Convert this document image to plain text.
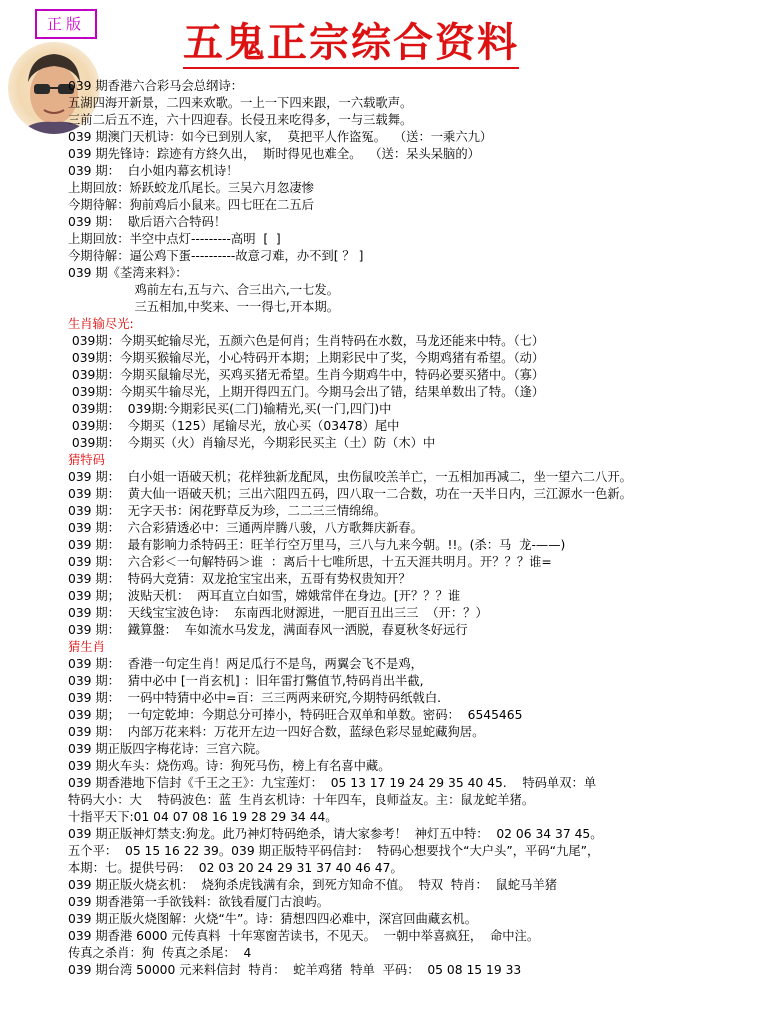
正版	五鬼正宗综合资料
039 期香港六合彩马会总纲诗：
五湖四海开新景，二四来欢歌。一上一下四来跟，一六载歌声。
三前二后五不连，六十四迎春。长侵丑来吃得多，一与三载舞。
039 期澳门天机诗：如今已到别人家，  莫把平人作盗冤。  （送：一乘六九）
039 期先锋诗：踪迹有方終久出，  斯时得见也难全。  （送：呆头呆脑的）
039 期：  白小姐内幕玄机诗！
上期回放：矫跃蛟龙爪尾长。三吴六月忽凄惨
今期待解：狗前鸡后小鼠来。四七旺在二五后
039 期：  歇后语六合特码！
上期回放：半空中点灯---------高明  [  ]
今期待解：逼公鸡下蛋----------故意刁难，办不到[ ？ ]
039 期《荃湾来料》：
鸡前左右,五与六、合三出六,一七发。
三五相加,中奖来、一一得七,开本期。
生肖输尽光:
039期：今期买蛇输尽光，五颜六色是何肖；生肖特码在水数，马龙还能来中特。（七）
039期：今期买猴输尽光，小心特码开本期；上期彩民中了奖，今期鸡猪有希望。（动）
039期：今期买鼠输尽光，买鸡买猪无希望。生肖今期鸡牛中，特码必要买猪中。（寡）
039期：今期买牛输尽光，上期开得四五门。今期马会出了错，结果单数出了特。（逢）
039期：  039期:今期彩民买(二门)输精光,买(一门,四门)中
039期：  今期买（125）尾输尽光，放心买（03478）尾中
039期：  今期买（火）肖输尽光，今期彩民买主（土）防（木）中
猜特码
039 期：  白小姐一语破天机；花样独新龙配凤，虫伤鼠咬羔羊亡，一五相加再减二，坐一望六二八开。
039 期：  黄大仙一语破天机；三出六阻四五码，四八取一二合数，功在一天半日内，三江源水一色新。
039 期：  无字天书：闲花野草反为珍，二二三三情绵绵。
039 期：  六合彩猜透必中：三通两岸腾八骏，八方歌舞庆新春。
039 期：  最有影响力杀特码王：旺羊行空万里马，三八与九来今朝。!!。(杀：马  龙-——)
039 期：  六合彩＜一句解特码＞谁  ：离后十七唯所思，十五天涯共明月。开？？？谁=
039 期：  特码大竞猜：双龙抢宝宝出来，五哥有势权贵知开？
039 期；  波贴天机：  两耳直立白如雪，嫦娥常伴在身边。[开？？？谁
039 期：  天线宝宝波色诗：  东南西北财源进，一肥百丑出三三  （开：？）
039 期：  鐵算盤：  车如流水马发龙，满面春风一洒脱，春夏秋冬好远行
猜生肖
039 期：  香港一句定生肖！两足瓜行不是鸟，两翼会飞不是鸡，
039 期：  猜中必中 [一肖玄机] ：旧年雷打鷩值节,特码肖出半截,
039 期：  一码中特猜中必中=百：三三两两来研究,今期特码纸戟白.
039 期；  一句定乾坤：今期总分可捧小，特码旺合双单和单数。密码：  6545465
039 期：  内部万花来料：万花开左边一四好合数，蓝绿色彩尽显蛇藏狗居。
039 期正版四字梅花诗：三宫六院。
039 期火车头：烧伤鸡。诗：狗死马伤，榜上有名喜中藏。
039 期香港地下信封《千王之王》：九宝莲灯：  05 13 17 19 24 29 35 40 45.    特码单双：单
特码大小：大    特码波色：蓝  生肖玄机诗：十年四车，良师益友。主：鼠龙蛇羊猪。
十指平天下:01 04 07 08 16 19 28 29 34 44。
039 期正版神灯禁支:狗龙。此乃神灯特码绝杀，请大家参考！  神灯五中特：  02 06 34 37 45。
五个平：  05 15 16 22 39。039 期正版特平码信封：  特码心想要找个“大户头”，平码“九尾”，
本期：七。提供号码：  02 03 20 24 29 31 37 40 46 47。
039 期正版火烧玄机：  烧狗杀虎钱满有余，到死方知命不值。  特双  特肖：  鼠蛇马羊猪
039 期香港第一手欲钱料：欲钱看厦门古浪屿。
039 期正版火烧图解：火烧“牛”。诗：猜想四四必难中，深宫回曲藏玄机。
039 期香港 6000 元传真料  十年寒窗苦读书，不见天。  一朝中举喜疯狂，  命中注。
传真之杀肖：狗  传真之杀尾：  4
039 期台湾 50000 元来料信封  特肖：  蛇羊鸡猪  特单  平码：  05 08 15 19 33
